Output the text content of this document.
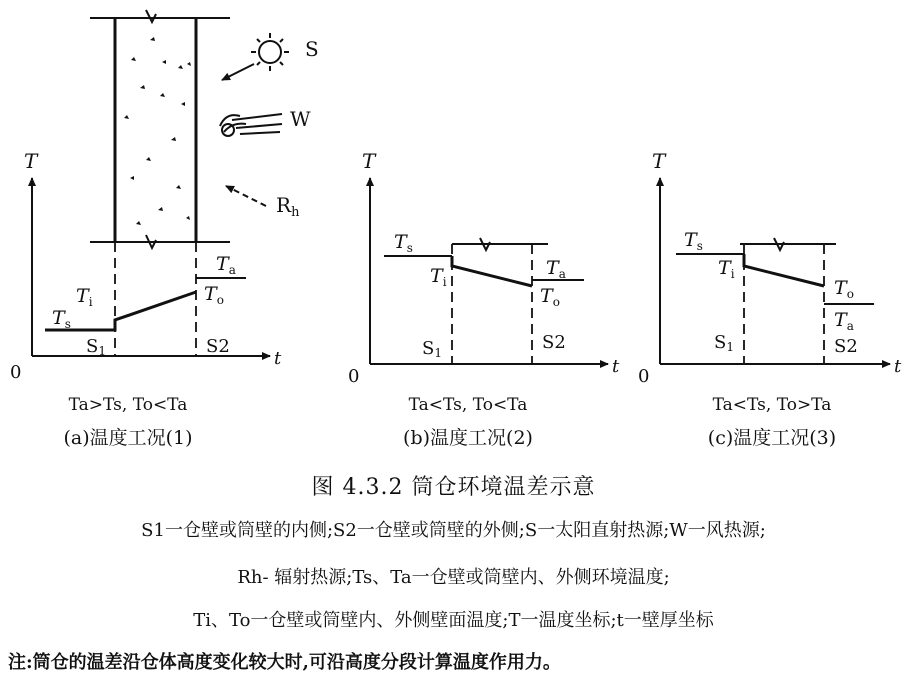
T
t
0
S
W
$R_h$
$T_s$
$T_i$
$T_a$
$T_o$
S1	S2
Ta>Ts, To<Ta
(a)温度工况(1)
T
t
0
$T_s$
$T_i$
$T_a$
$T_o$
S1	S2
Ta<Ts, To<Ta
(b)温度工况(2)
T
t
0
$T_s$
$T_i$
$T_o$
$T_a$
S1	S2
Ta<Ts, To>Ta
(c)温度工况(3)
图 4.3.2 筒仓环境温差示意
S1一仓壁或筒壁的内侧;S2一仓壁或筒壁的外侧;S一太阳直射热源;W一风热源;
Rh- 辐射热源;Ts、Ta一仓壁或筒壁内、外侧环境温度;
Ti、To一仓壁或筒壁内、外侧壁面温度;T一温度坐标;t一壁厚坐标
注:筒仓的温差沿仓体高度变化较大时,可沿高度分段计算温度作用力。
